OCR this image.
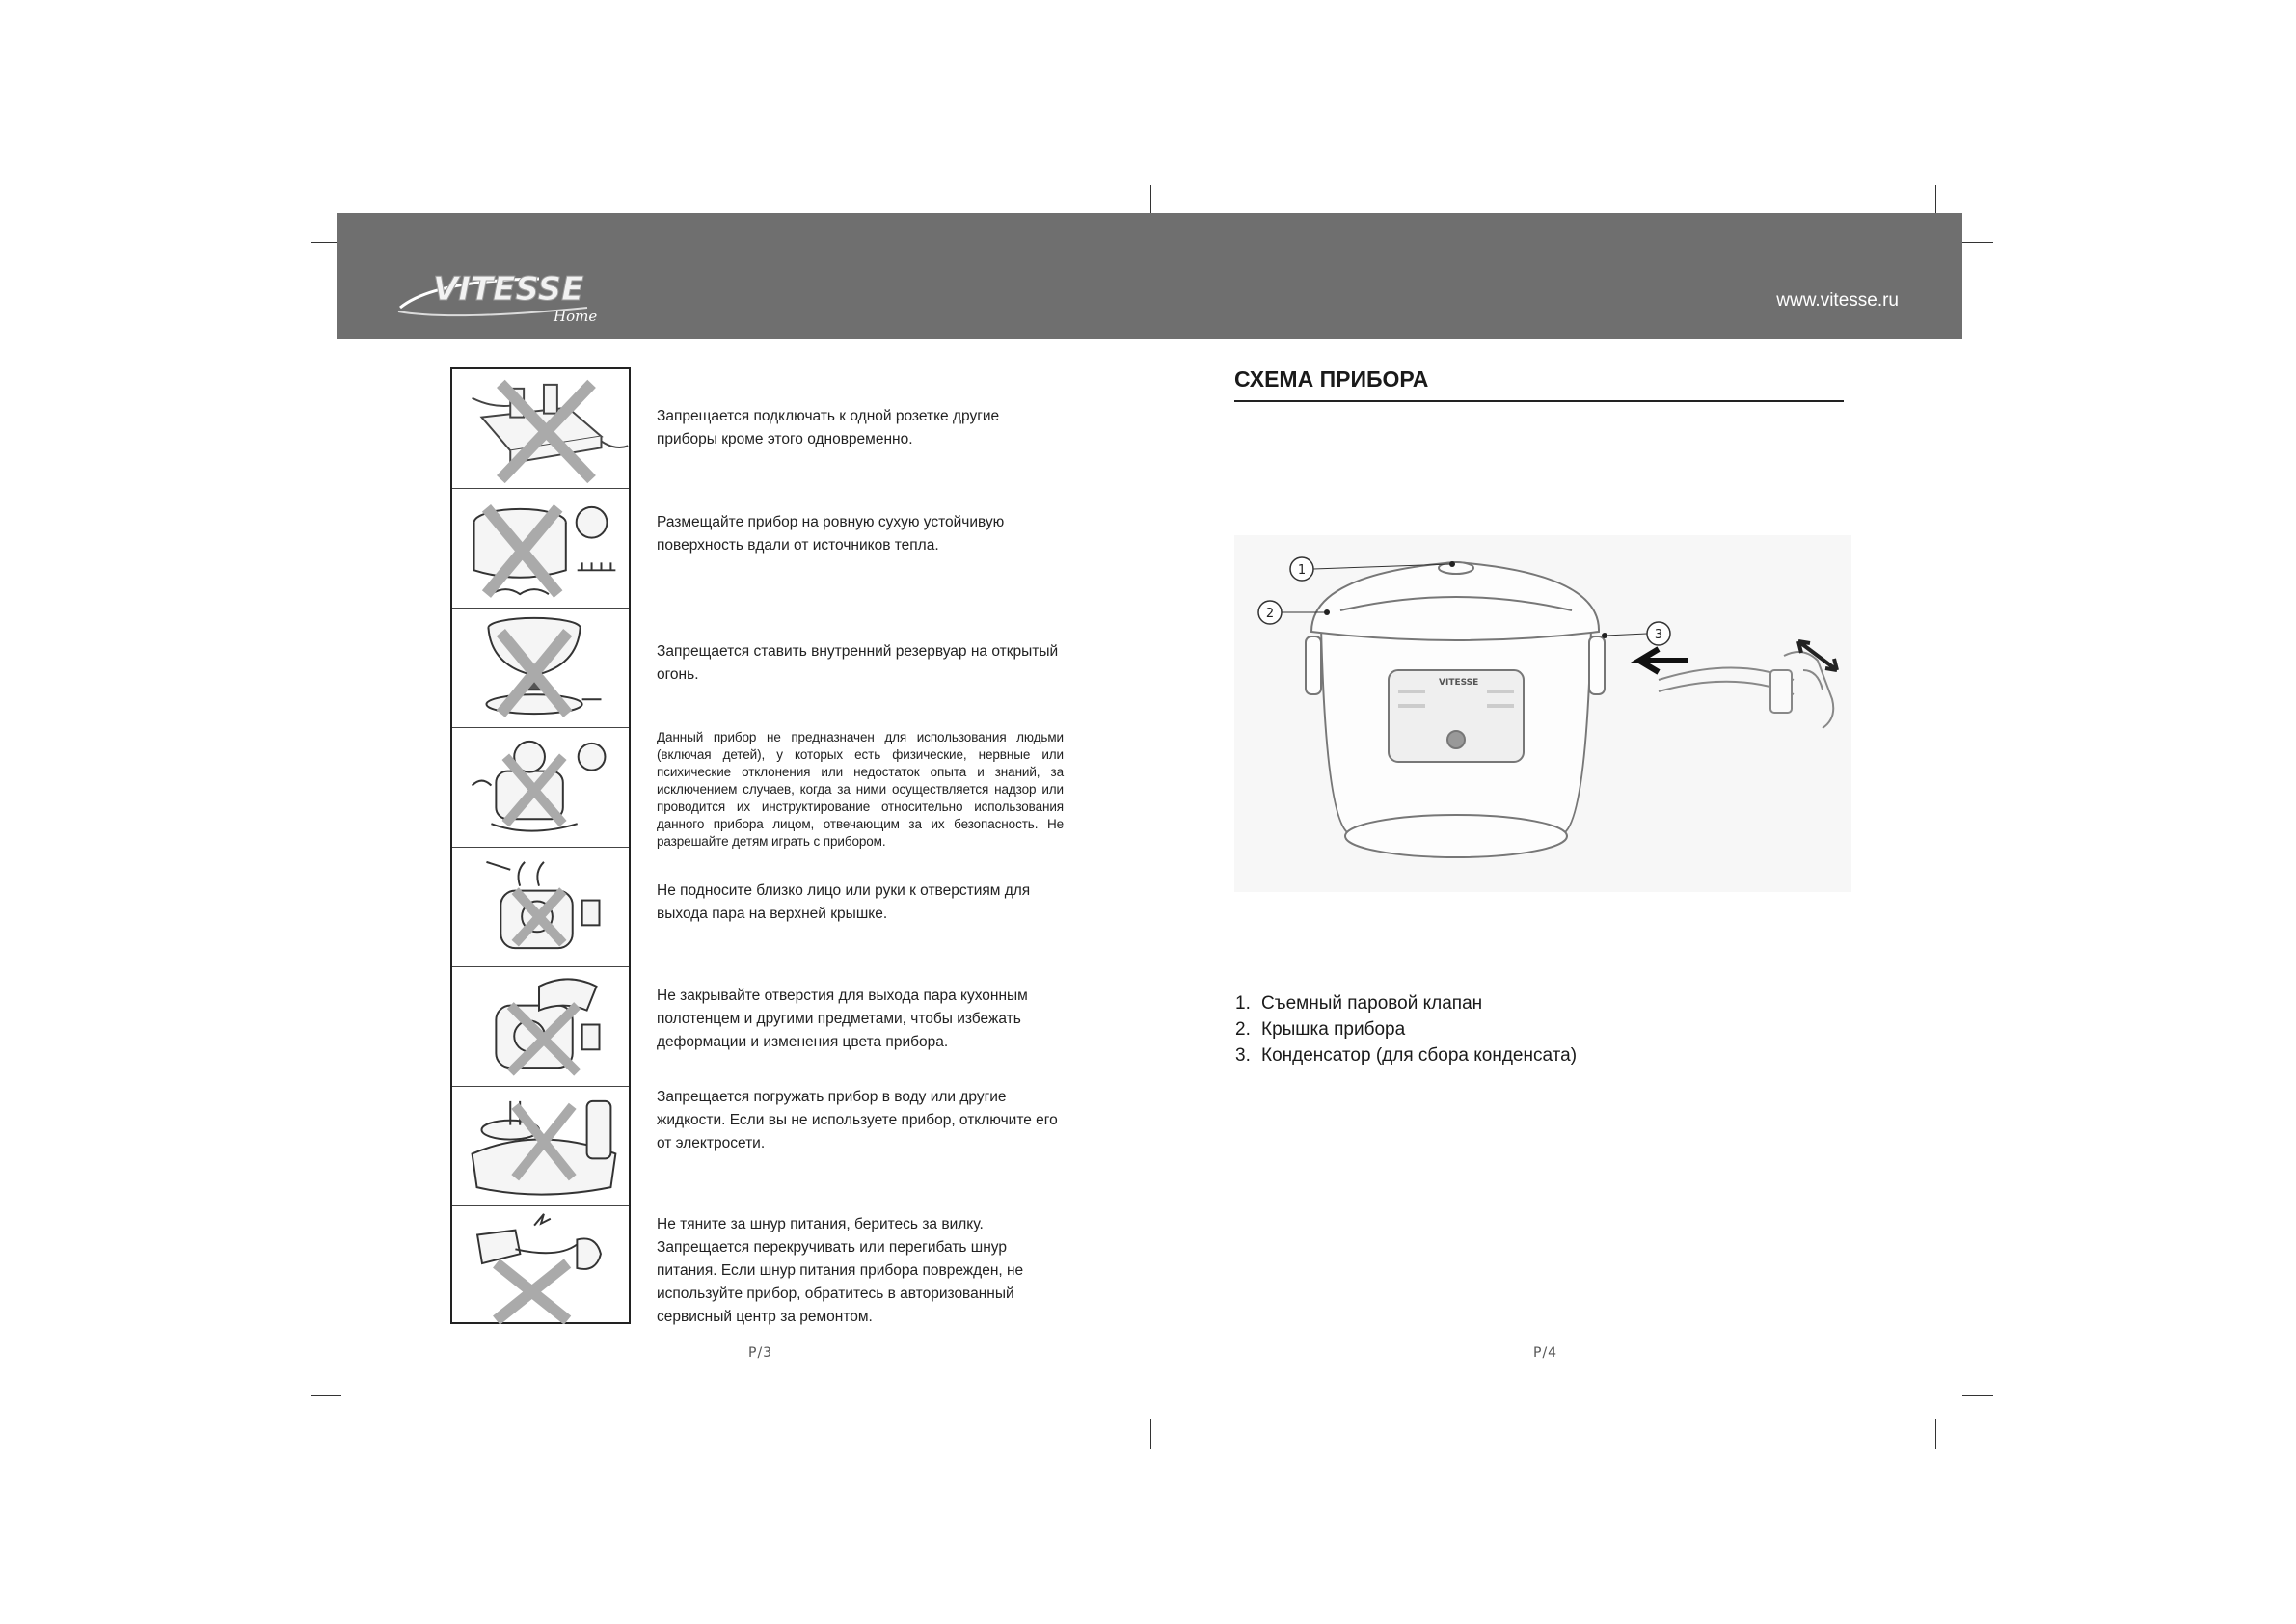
VITESSE
Home
www.vitesse.ru
Запрещается подключать к одной розетке другие приборы кроме этого одновременно.
Размещайте прибор на ровную сухую устойчивую поверхность вдали от источников тепла.
Запрещается ставить внутренний резервуар на открытый огонь.
Данный прибор не предназначен для использования людьми (включая детей), у которых есть физические, нервные или психические отклонения или недостаток опыта и знаний, за исключением случаев, когда за ними осуществляется надзор или проводится их инструктирование относительно использования данного прибора лицом, отвечающим за их безопасность. Не разрешайте детям играть с прибором.
Не подносите близко лицо или руки к отверстиям для выхода пара на верхней крышке.
Не закрывайте отверстия для выхода пара кухонным полотенцем и другими предметами, чтобы избежать деформации и изменения цвета прибора.
Запрещается погружать прибор в воду или другие жидкости. Если вы не используете прибор, отключите его от электросети.
Не тяните за шнур питания, беритесь за вилку. Запрещается перекручивать или перегибать шнур питания. Если шнур питания прибора поврежден, не используйте прибор, обратитесь в авторизованный сервисный центр за ремонтом.
P/3
СХЕМА ПРИБОРА
VITESSE
1
2
3
1. Съемный паровой клапан
2. Крышка прибора
3. Конденсатор (для сбора конденсата)
P/4
